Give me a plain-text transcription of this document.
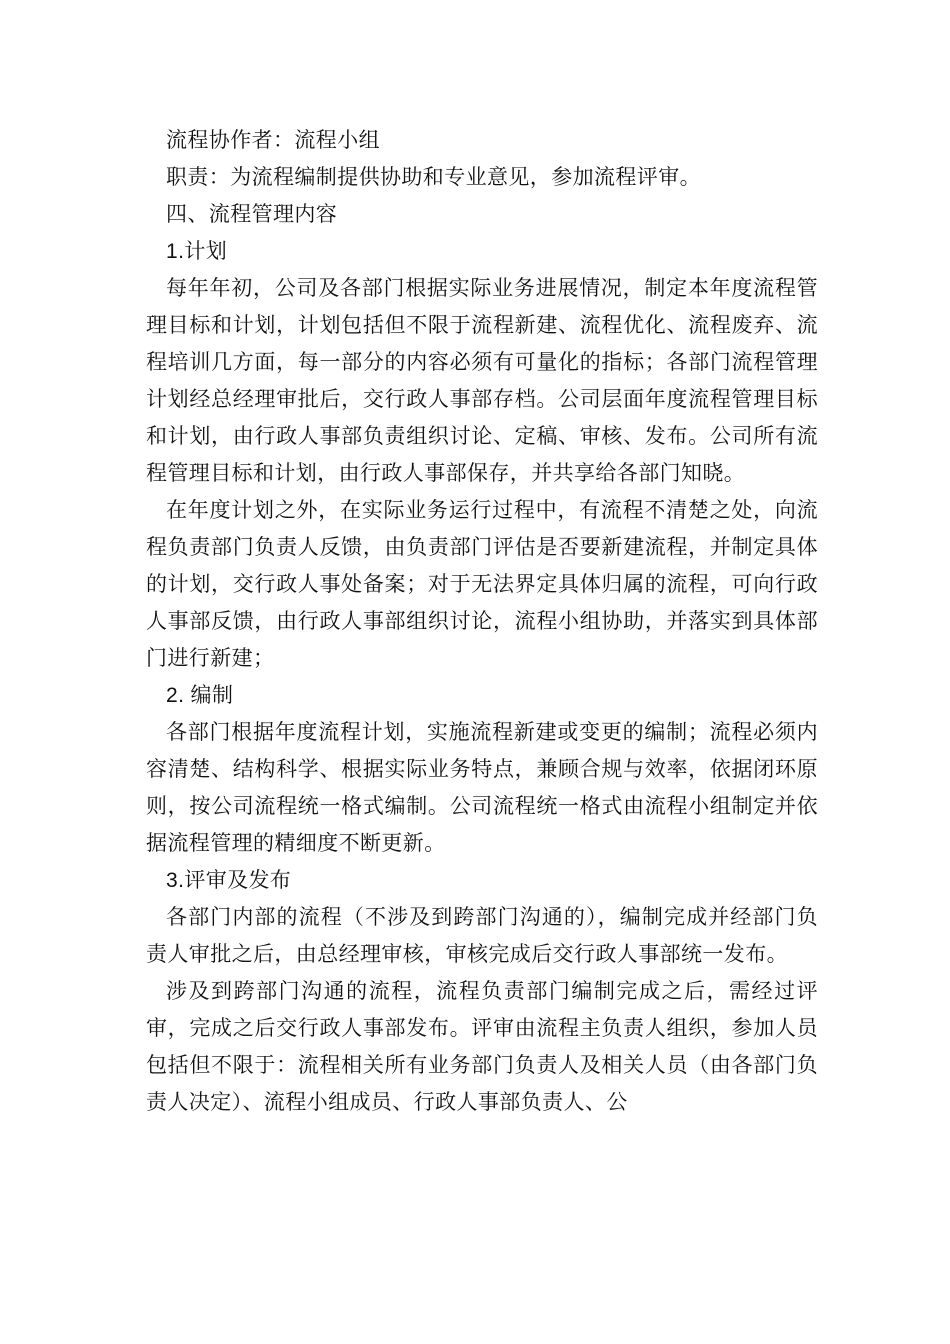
流程协作者：流程小组

职责：为流程编制提供协助和专业意见，参加流程评审。

四、流程管理内容

1.计划

每年年初，公司及各部门根据实际业务进展情况，制定本年度流程管理目标和计划，计划包括但不限于流程新建、流程优化、流程废弃、流程培训几方面，每一部分的内容必须有可量化的指标；各部门流程管理计划经总经理审批后，交行政人事部存档。公司层面年度流程管理目标和计划，由行政人事部负责组织讨论、定稿、审核、发布。公司所有流程管理目标和计划，由行政人事部保存，并共享给各部门知晓。

在年度计划之外，在实际业务运行过程中，有流程不清楚之处，向流程负责部门负责人反馈，由负责部门评估是否要新建流程，并制定具体的计划，交行政人事处备案；对于无法界定具体归属的流程，可向行政人事部反馈，由行政人事部组织讨论，流程小组协助，并落实到具体部门进行新建；

2. 编制

各部门根据年度流程计划，实施流程新建或变更的编制；流程必须内容清楚、结构科学、根据实际业务特点，兼顾合规与效率，依据闭环原则，按公司流程统一格式编制。公司流程统一格式由流程小组制定并依据流程管理的精细度不断更新。

3.评审及发布

各部门内部的流程（不涉及到跨部门沟通的），编制完成并经部门负责人审批之后，由总经理审核，审核完成后交行政人事部统一发布。

涉及到跨部门沟通的流程，流程负责部门编制完成之后，需经过评审，完成之后交行政人事部发布。评审由流程主负责人组织，参加人员包括但不限于：流程相关所有业务部门负责人及相关人员（由各部门负责人决定）、流程小组成员、行政人事部负责人、公
